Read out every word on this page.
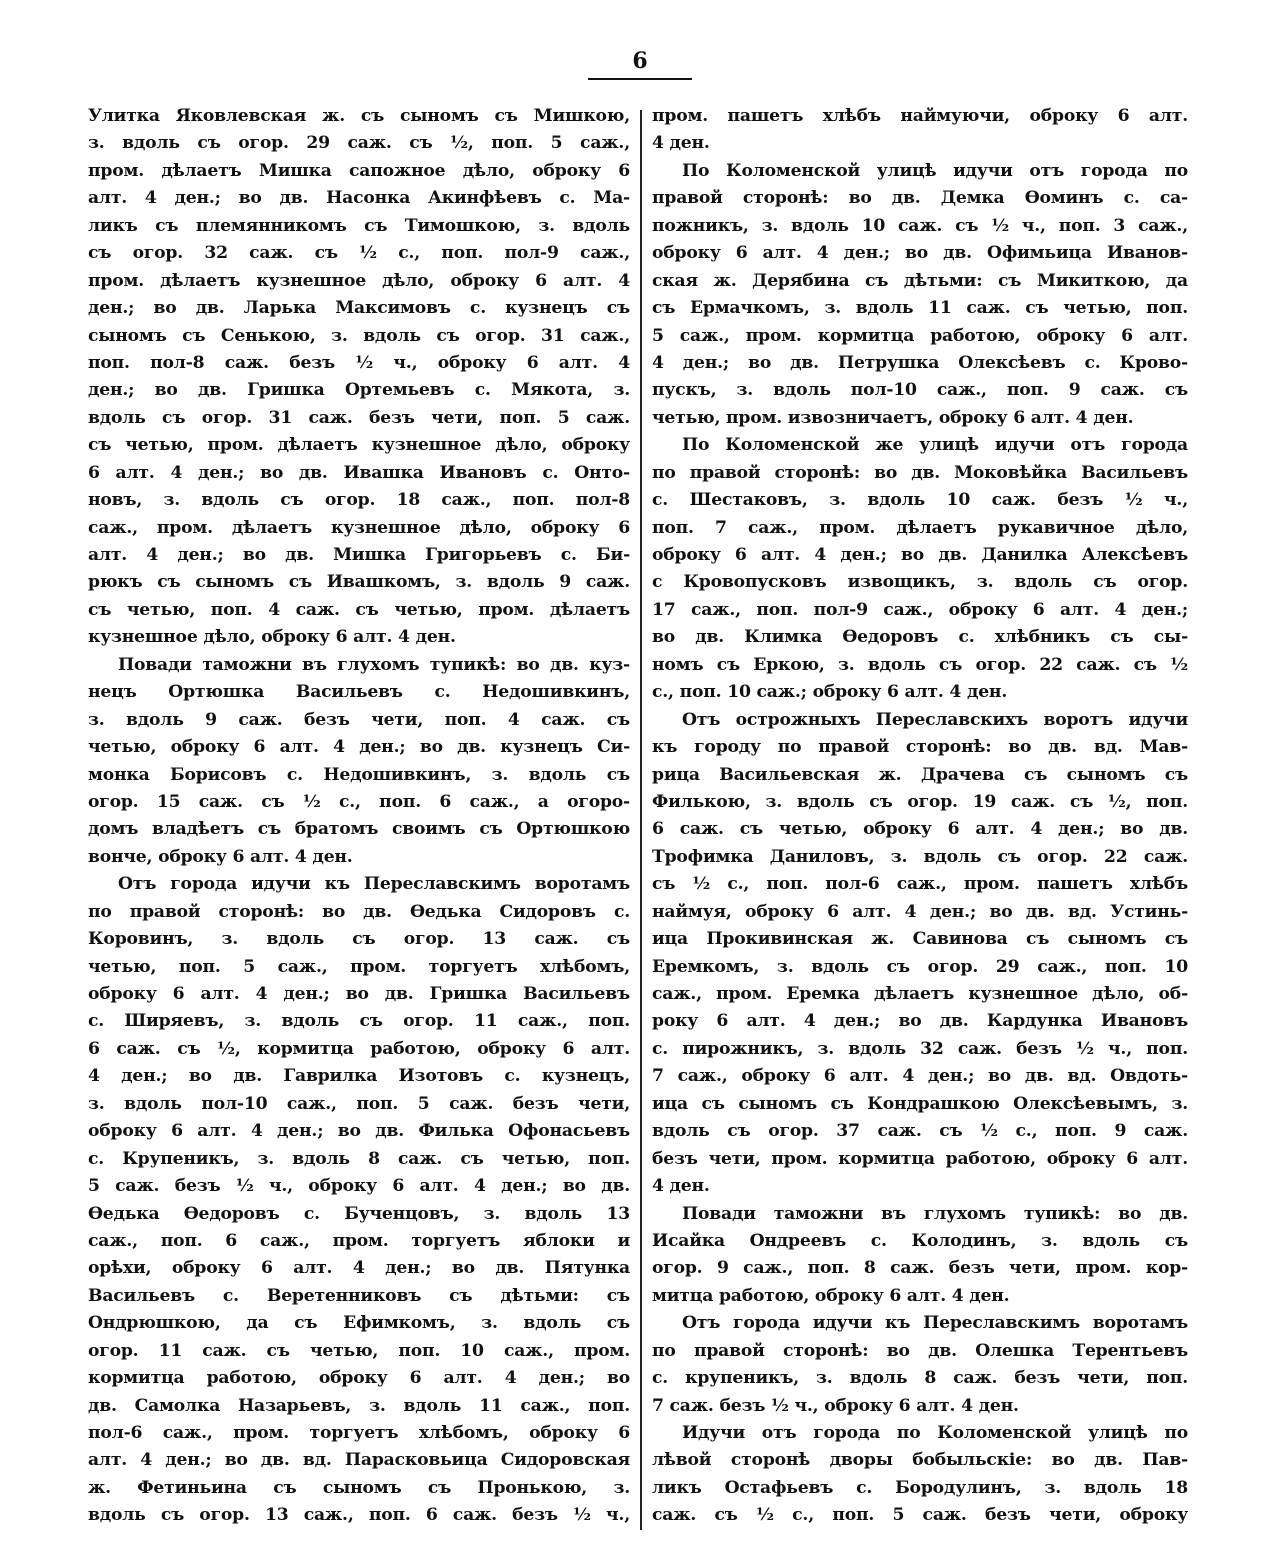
6
Улитка Яковлевская ж. съ сыномъ съ Мишкою,
з. вдоль съ огор. 29 саж. съ ½, поп. 5 саж.,
пром. дѣлаетъ Мишка сапожное дѣло, оброку 6
алт. 4 ден.; во дв. Насонка Акинфѣевъ с. Ма-
ликъ съ племянникомъ съ Тимошкою, з. вдоль
съ огор. 32 саж. съ ½ с., поп. пол-9 саж.,
пром. дѣлаетъ кузнешное дѣло, оброку 6 алт. 4
ден.; во дв. Ларька Максимовъ с. кузнецъ съ
сыномъ съ Сенькою, з. вдоль съ огор. 31 саж.,
поп. пол-8 саж. безъ ½ ч., оброку 6 алт. 4
ден.; во дв. Гришка Ортемьевъ с. Мякота, з.
вдоль съ огор. 31 саж. безъ чети, поп. 5 саж.
съ четью, пром. дѣлаетъ кузнешное дѣло, оброку
6 алт. 4 ден.; во дв. Ивашка Ивановъ с. Онто-
новъ, з. вдоль съ огор. 18 саж., поп. пол-8
саж., пром. дѣлаетъ кузнешное дѣло, оброку 6
алт. 4 ден.; во дв. Мишка Григорьевъ с. Би-
рюкъ съ сыномъ съ Ивашкомъ, з. вдоль 9 саж.
съ четью, поп. 4 саж. съ четью, пром. дѣлаетъ
кузнешное дѣло, оброку 6 алт. 4 ден.
Повади таможни въ глухомъ тупикѣ: во дв. куз-
нецъ Ортюшка Васильевъ с. Недошивкинъ,
з. вдоль 9 саж. безъ чети, поп. 4 саж. съ
четью, оброку 6 алт. 4 ден.; во дв. кузнецъ Си-
монка Борисовъ с. Недошивкинъ, з. вдоль съ
огор. 15 саж. съ ½ с., поп. 6 саж., а огоро-
домъ владѣетъ съ братомъ своимъ съ Ортюшкою
вонче, оброку 6 алт. 4 ден.
Отъ города идучи къ Переславскимъ воротамъ
по правой сторонѣ: во дв. Ѳедька Сидоровъ с.
Коровинъ, з. вдоль съ огор. 13 саж. съ
четью, поп. 5 саж., пром. торгуетъ хлѣбомъ,
оброку 6 алт. 4 ден.; во дв. Гришка Васильевъ
с. Ширяевъ, з. вдоль съ огор. 11 саж., поп.
6 саж. съ ½, кормитца работою, оброку 6 алт.
4 ден.; во дв. Гаврилка Изотовъ с. кузнецъ,
з. вдоль пол-10 саж., поп. 5 саж. безъ чети,
оброку 6 алт. 4 ден.; во дв. Филька Офонасьевъ
с. Крупеникъ, з. вдоль 8 саж. съ четью, поп.
5 саж. безъ ½ ч., оброку 6 алт. 4 ден.; во дв.
Ѳедька Ѳедоровъ с. Бученцовъ, з. вдоль 13
саж., поп. 6 саж., пром. торгуетъ яблоки и
орѣхи, оброку 6 алт. 4 ден.; во дв. Пятунка
Васильевъ с. Веретенниковъ съ дѣтьми: съ
Ондрюшкою, да съ Ефимкомъ, з. вдоль съ
огор. 11 саж. съ четью, поп. 10 саж., пром.
кормитца работою, оброку 6 алт. 4 ден.; во
дв. Самолка Назарьевъ, з. вдоль 11 саж., поп.
пол-6 саж., пром. торгуетъ хлѣбомъ, оброку 6
алт. 4 ден.; во дв. вд. Парасковьица Сидоровская
ж. Фетиньина съ сыномъ съ Пронькою, з.
вдоль съ огор. 13 саж., поп. 6 саж. безъ ½ ч.,
пром. пашетъ хлѣбъ наймуючи, оброку 6 алт.
4 ден.
По Коломенской улицѣ идучи отъ города по
правой сторонѣ: во дв. Демка Ѳоминъ с. са-
пожникъ, з. вдоль 10 саж. съ ½ ч., поп. 3 саж.,
оброку 6 алт. 4 ден.; во дв. Офимьица Иванов-
ская ж. Дерябина съ дѣтьми: съ Микиткою, да
съ Ермачкомъ, з. вдоль 11 саж. съ четью, поп.
5 саж., пром. кормитца работою, оброку 6 алт.
4 ден.; во дв. Петрушка Олексѣевъ с. Крово-
пускъ, з. вдоль пол-10 саж., поп. 9 саж. съ
четью, пром. извозничаетъ, оброку 6 алт. 4 ден.
По Коломенской же улицѣ идучи отъ города
по правой сторонѣ: во дв. Моковѣйка Васильевъ
с. Шестаковъ, з. вдоль 10 саж. безъ ½ ч.,
поп. 7 саж., пром. дѣлаетъ рукавичное дѣло,
оброку 6 алт. 4 ден.; во дв. Данилка Алексѣевъ
с Кровопусковъ извощикъ, з. вдоль съ огор.
17 саж., поп. пол-9 саж., оброку 6 алт. 4 ден.;
во дв. Климка Ѳедоровъ с. хлѣбникъ съ сы-
номъ съ Еркою, з. вдоль съ огор. 22 саж. съ ½
с., поп. 10 саж.; оброку 6 алт. 4 ден.
Отъ острожныхъ Переславскихъ воротъ идучи
къ городу по правой сторонѣ: во дв. вд. Мав-
рица Васильевская ж. Драчева съ сыномъ съ
Филькою, з. вдоль съ огор. 19 саж. съ ½, поп.
6 саж. съ четью, оброку 6 алт. 4 ден.; во дв.
Трофимка Даниловъ, з. вдоль съ огор. 22 саж.
съ ½ с., поп. пол-6 саж., пром. пашетъ хлѣбъ
наймуя, оброку 6 алт. 4 ден.; во дв. вд. Устинь-
ица Прокивинская ж. Савинова съ сыномъ съ
Еремкомъ, з. вдоль съ огор. 29 саж., поп. 10
саж., пром. Еремка дѣлаетъ кузнешное дѣло, об-
року 6 алт. 4 ден.; во дв. Кардунка Ивановъ
с. пирожникъ, з. вдоль 32 саж. безъ ½ ч., поп.
7 саж., оброку 6 алт. 4 ден.; во дв. вд. Овдоть-
ица съ сыномъ съ Кондрашкою Олексѣевымъ, з.
вдоль съ огор. 37 саж. съ ½ с., поп. 9 саж.
безъ чети, пром. кормитца работою, оброку 6 алт.
4 ден.
Повади таможни въ глухомъ тупикѣ: во дв.
Исайка Ондреевъ с. Колодинъ, з. вдоль съ
огор. 9 саж., поп. 8 саж. безъ чети, пром. кор-
митца работою, оброку 6 алт. 4 ден.
Отъ города идучи къ Переславскимъ воротамъ
по правой сторонѣ: во дв. Олешка Терентьевъ
с. крупеникъ, з. вдоль 8 саж. безъ чети, поп.
7 саж. безъ ½ ч., оброку 6 алт. 4 ден.
Идучи отъ города по Коломенской улицѣ по
лѣвой сторонѣ дворы бобыльскіе: во дв. Пав-
ликъ Остафьевъ с. Бородулинъ, з. вдоль 18
саж. съ ½ с., поп. 5 саж. безъ чети, оброку
